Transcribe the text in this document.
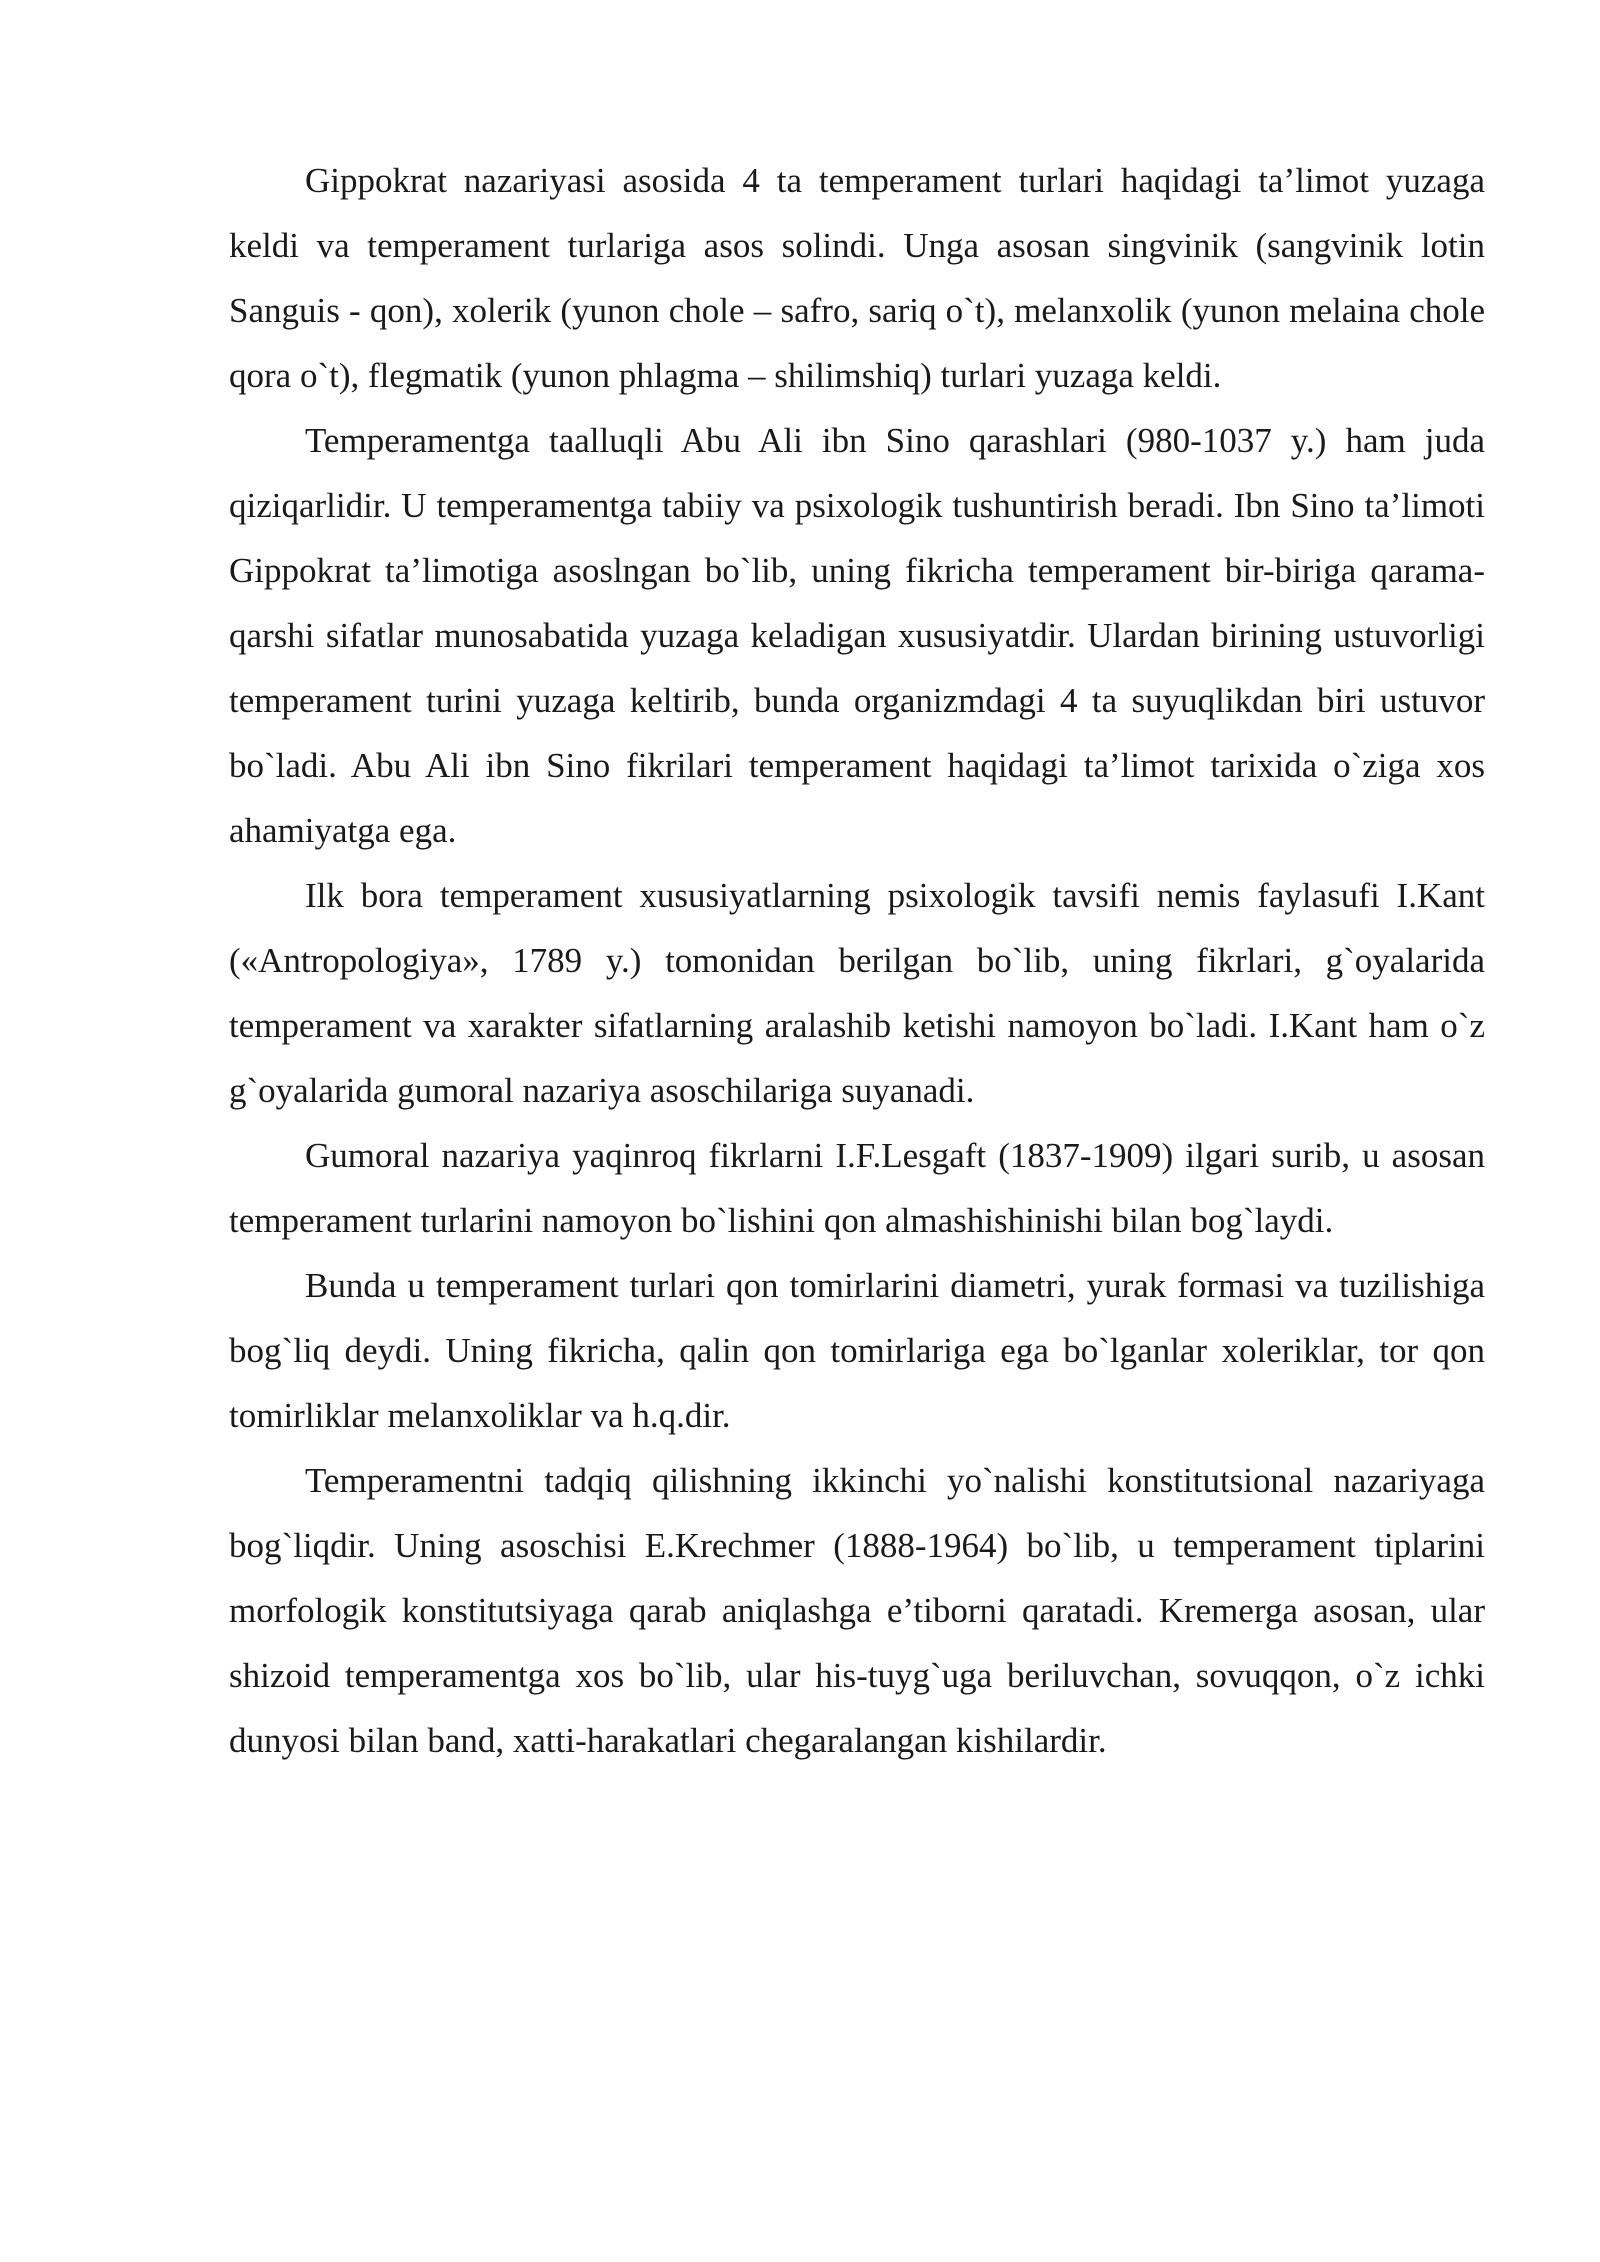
Gippokrat nazariyasi asosida 4 ta temperament turlari haqidagi ta’limot yuzaga keldi va temperament turlariga asos solindi. Unga asosan singvinik (sangvinik lotin Sanguis - qon), xolerik (yunon chole – safro, sariq o`t), melanxolik (yunon melaina chole qora o`t), flegmatik (yunon phlagma – shilimshiq) turlari yuzaga keldi.

Temperamentga taalluqli Abu Ali ibn Sino qarashlari (980-1037 y.) ham juda qiziqarlidir. U temperamentga tabiiy va psixologik tushuntirish beradi. Ibn Sino ta’limoti Gippokrat ta’limotiga asoslngan bo`lib, uning fikricha temperament bir-biriga qarama-qarshi sifatlar munosabatida yuzaga keladigan xususiyatdir. Ulardan birining ustuvorligi temperament turini yuzaga keltirib, bunda organizmdagi 4 ta suyuqlikdan biri ustuvor bo`ladi. Abu Ali ibn Sino fikrilari temperament haqidagi ta’limot tarixida o`ziga xos ahamiyatga ega.

Ilk bora temperament xususiyatlarning psixologik tavsifi nemis faylasufi I.Kant («Antropologiya», 1789 y.) tomonidan berilgan bo`lib, uning fikrlari, g`oyalarida temperament va xarakter sifatlarning aralashib ketishi namoyon bo`ladi. I.Kant ham o`z g`oyalarida gumoral nazariya asoschilariga suyanadi.

Gumoral nazariya yaqinroq fikrlarni I.F.Lesgaft (1837-1909) ilgari surib, u asosan temperament turlarini namoyon bo`lishini qon almashishinishi bilan bog`laydi.

Bunda u temperament turlari qon tomirlarini diametri, yurak formasi va tuzilishiga bog`liq deydi. Uning fikricha, qalin qon tomirlariga ega bo`lganlar xoleriklar, tor qon tomirliklar melanxoliklar va h.q.dir.

Temperamentni tadqiq qilishning ikkinchi yo`nalishi konstitutsional nazariyaga bog`liqdir. Uning asoschisi E.Krechmer (1888-1964) bo`lib, u temperament tiplarini morfologik konstitutsiyaga qarab aniqlashga e’tiborni qaratadi. Kremerga asosan, ular shizoid temperamentga xos bo`lib, ular his-tuyg`uga beriluvchan, sovuqqon, o`z ichki dunyosi bilan band, xatti-harakatlari chegaralangan kishilardir.
